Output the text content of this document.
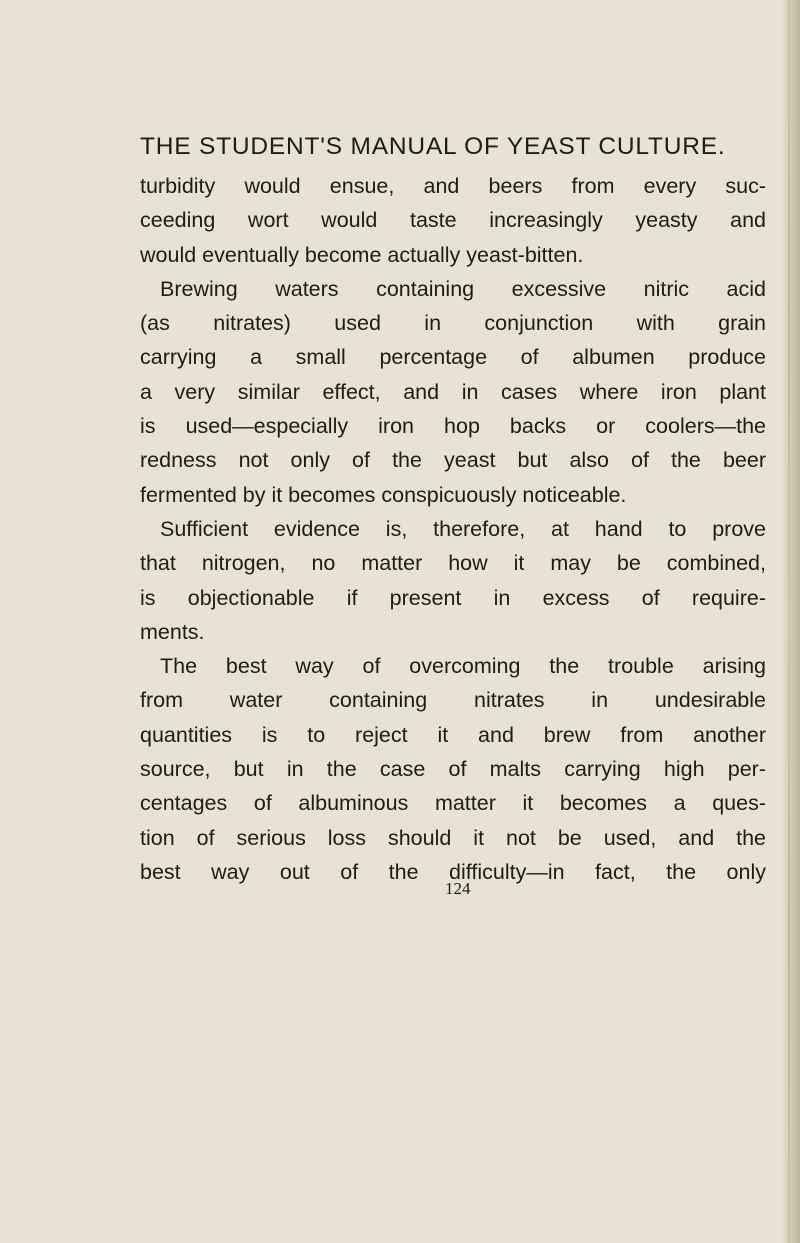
THE STUDENT'S MANUAL OF YEAST CULTURE.
turbidity would ensue, and beers from every suc-
ceeding wort would taste increasingly yeasty and
would eventually become actually yeast-bitten.
Brewing waters containing excessive nitric acid
(as nitrates) used in conjunction with grain
carrying a small percentage of albumen produce
a very similar effect, and in cases where iron plant
is used—especially iron hop backs or coolers—the
redness not only of the yeast but also of the beer
fermented by it becomes conspicuously noticeable.
Sufficient evidence is, therefore, at hand to prove
that nitrogen, no matter how it may be combined,
is objectionable if present in excess of require-
ments.
The best way of overcoming the trouble arising
from water containing nitrates in undesirable
quantities is to reject it and brew from another
source, but in the case of malts carrying high per-
centages of albuminous matter it becomes a ques-
tion of serious loss should it not be used, and the
best way out of the difficulty—in fact, the only
124
